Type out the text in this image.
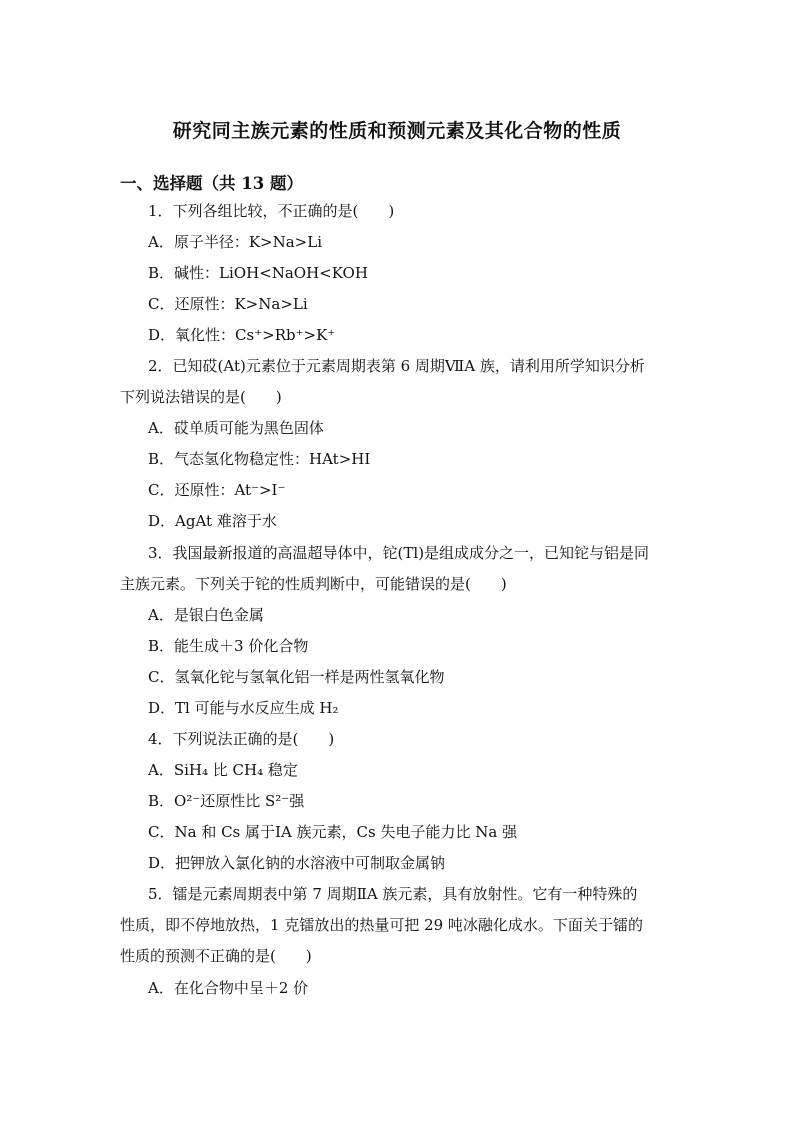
研究同主族元素的性质和预测元素及其化合物的性质
一、选择题（共 13 题）
1．下列各组比较，不正确的是(　　)
A．原子半径：K>Na>Li
B．碱性：LiOH<NaOH<KOH
C．还原性：K>Na>Li
D．氧化性：Cs⁺>Rb⁺>K⁺
2．已知砹(At)元素位于元素周期表第 6 周期ⅦA 族，请利用所学知识分析
下列说法错误的是(　　)
A．砹单质可能为黑色固体
B．气态氢化物稳定性：HAt>HI
C．还原性：At⁻>I⁻
D．AgAt 难溶于水
3．我国最新报道的高温超导体中，铊(Tl)是组成成分之一，已知铊与铝是同
主族元素。下列关于铊的性质判断中，可能错误的是(　　)
A．是银白色金属
B．能生成＋3 价化合物
C．氢氧化铊与氢氧化铝一样是两性氢氧化物
D．Tl 可能与水反应生成 H₂
4．下列说法正确的是(　　)
A．SiH₄ 比 CH₄ 稳定
B．O²⁻还原性比 S²⁻强
C．Na 和 Cs 属于ⅠA 族元素，Cs 失电子能力比 Na 强
D．把钾放入氯化钠的水溶液中可制取金属钠
5．镭是元素周期表中第 7 周期ⅡA 族元素，具有放射性。它有一种特殊的
性质，即不停地放热，1 克镭放出的热量可把 29 吨冰融化成水。下面关于镭的
性质的预测不正确的是(　　)
A．在化合物中呈＋2 价
